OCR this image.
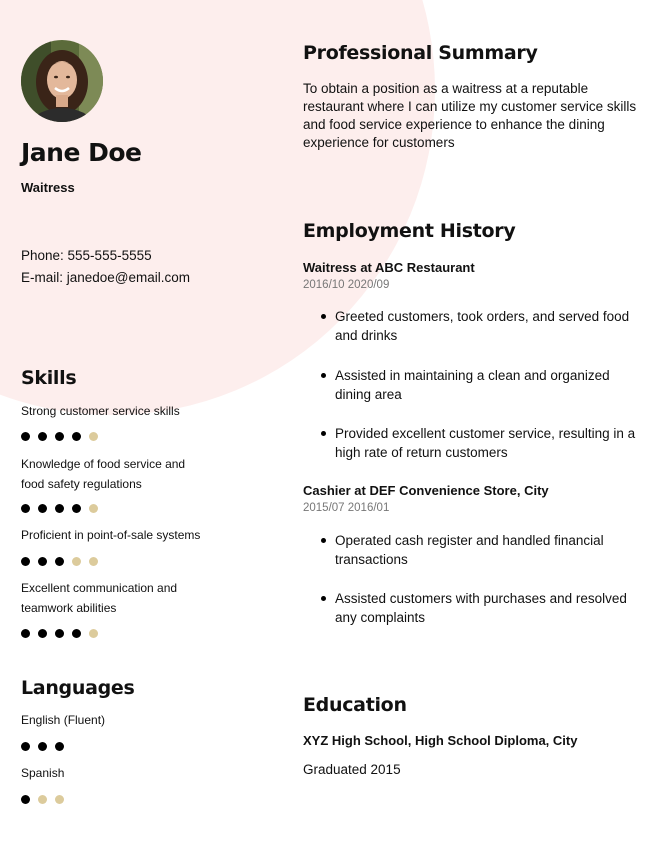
Jane Doe
Waitress
Phone: 555-555-5555
E-mail: janedoe@email.com
Skills
Strong customer service skills
Knowledge of food service and food safety regulations
Proficient in point-of-sale systems
Excellent communication and teamwork abilities
Languages
English (Fluent)
Spanish
Professional Summary

To obtain a position as a waitress at a reputable restaurant where I can utilize my customer service skills and food service experience to enhance the dining experience for customers

Employment History
Waitress at ABC Restaurant
2016/10 2020/09
Greeted customers, took orders, and served food and drinks
Assisted in maintaining a clean and organized dining area
Provided excellent customer service, resulting in a high rate of return customers
Cashier at DEF Convenience Store, City
2015/07 2016/01
Operated cash register and handled financial transactions
Assisted customers with purchases and resolved any complaints
Education
XYZ High School, High School Diploma, City
Graduated 2015
